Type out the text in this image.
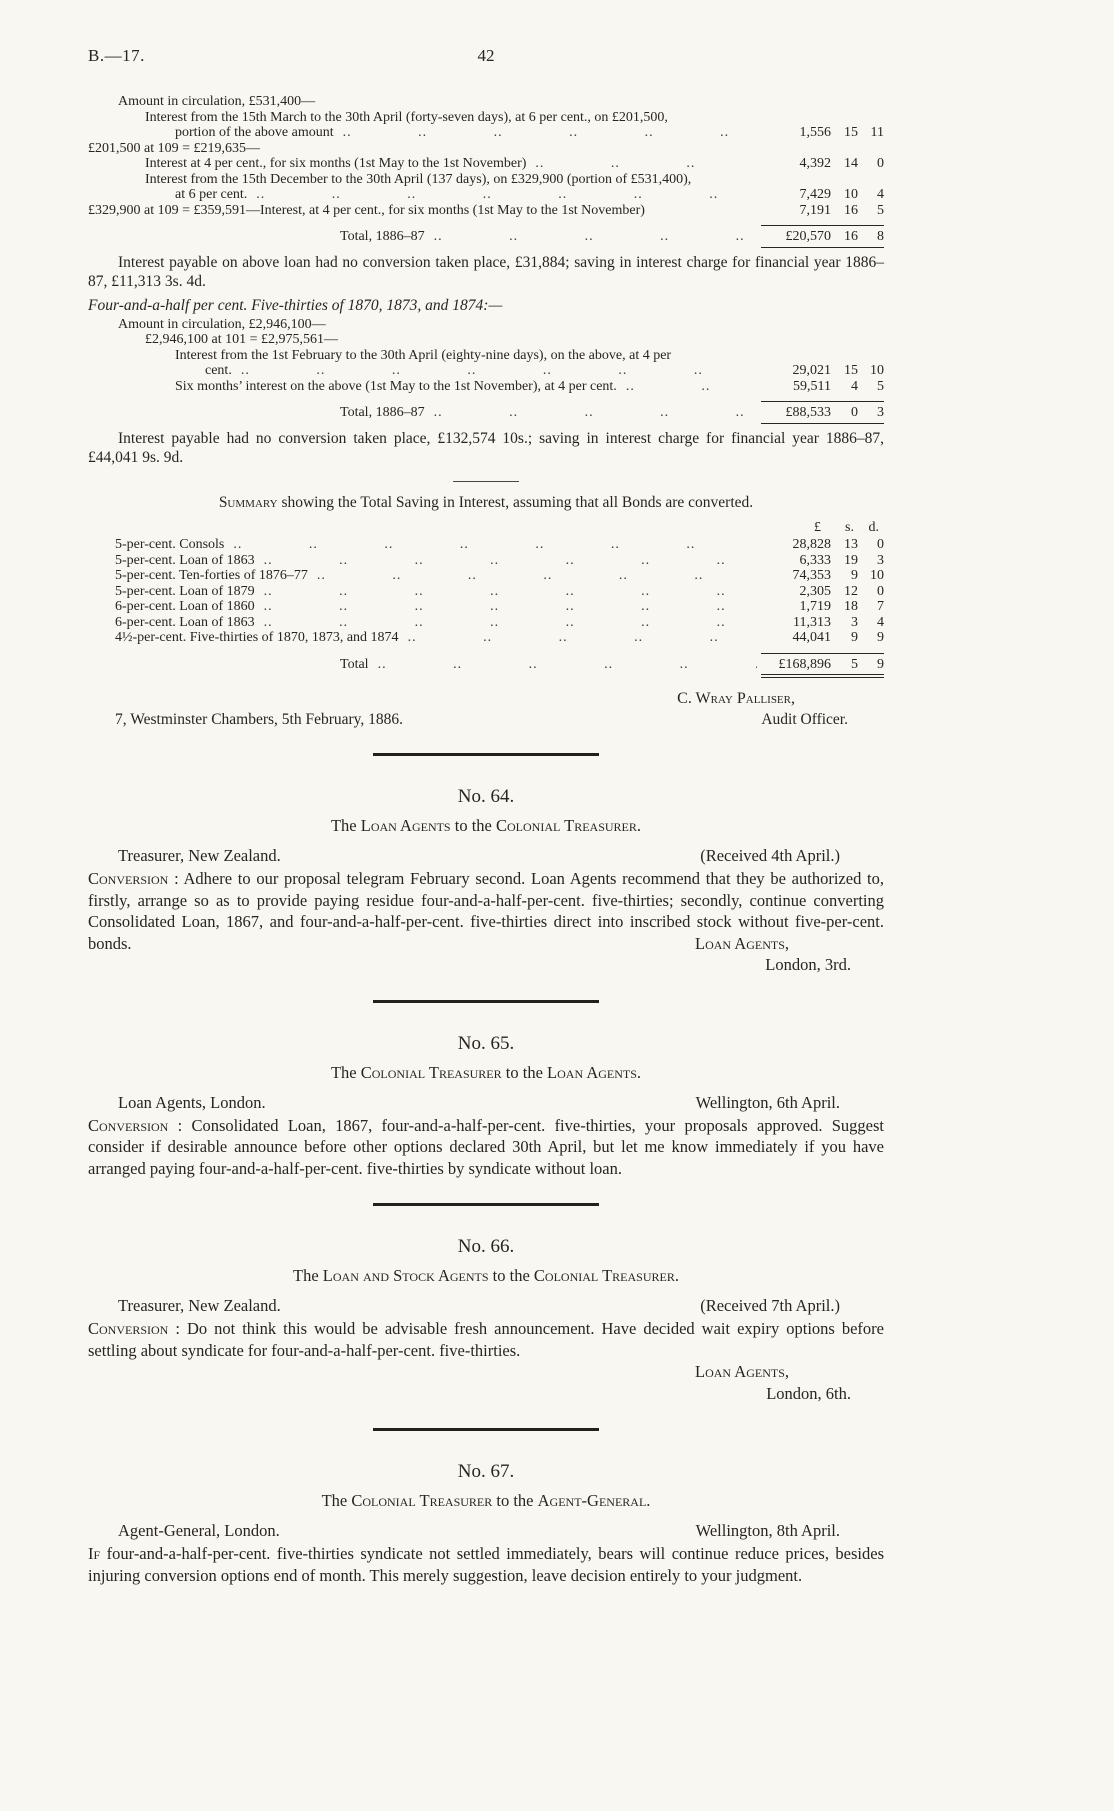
B.—17.	42
Amount in circulation, £531,400—
Interest from the 15th March to the 30th April (forty-seven days), at 6 per cent., on £201,500,
portion of the above amount .. ..	1,556 15 11
£201,500 at 109 = £219,635—
Interest at 4 per cent., for six months (1st May to the 1st November) .. ..	4,392 14	0
Interest from the 15th December to the 30th April (137 days), on £329,900 (portion of £531,400),
at 6 per cent. .. ..	7,429 10	4
£329,900 at 109 = £359,591—Interest, at 4 per cent., for six months (1st May to the 1st November)	7,191 16	5
Total, 1886–87 .. ..	£20,570 16	8

Interest payable on above loan had no conversion taken place, £31,884; saving in interest charge for financial year 1886–87, £11,313 3s. 4d.

Four-and-a-half per cent. Five-thirties of 1870, 1873, and 1874:—

Amount in circulation, £2,946,100—
£2,946,100 at 101 = £2,975,561—
Interest from the 1st February to the 30th April (eighty-nine days), on the above, at 4 per
cent. .. ..	29,021 15 10
Six months’ interest on the above (1st May to the 1st November), at 4 per cent. .. ..	59,511	4	5
Total, 1886–87 .. ..	£88,533	0	3

Interest payable had no conversion taken place, £132,574 10s.; saving in interest charge for financial year 1886–87, £44,041 9s. 9d.

Summary showing the Total Saving in Interest, assuming that all Bonds are converted.

£	s.	d.
5-per-cent. Consols .. ..	28,828 13	0
5-per-cent. Loan of 1863 .. ..	6,333 19	3
5-per-cent. Ten-forties of 1876–77 .. ..	74,353	9 10
5-per-cent. Loan of 1879 .. ..	2,305 12	0
6-per-cent. Loan of 1860 .. ..	1,719 18	7
6-per-cent. Loan of 1863 .. ..	11,313	3	4
4½-per-cent. Five-thirties of 1870, 1873, and 1874 .. ..	44,041	9	9
Total .. ..	£168,896	5	9
C. Wray Palliser,
7, Westminster Chambers, 5th February, 1886.	Audit Officer.
No. 64.
The Loan Agents to the Colonial Treasurer.
Treasurer, New Zealand.	(Received 4th April.)

Conversion : Adhere to our proposal telegram February second. Loan Agents recommend that they be authorized to, firstly, arrange so as to provide paying residue four-and-a-half-per-cent. five-thirties; secondly, continue converting Consolidated Loan, 1867, and four-and-a-half-per-cent. five-thirties direct into inscribed stock without five-per-cent. bonds.	Loan Agents,

London, 3rd.
No. 65.
The Colonial Treasurer to the Loan Agents.
Loan Agents, London.	Wellington, 6th April.

Conversion : Consolidated Loan, 1867, four-and-a-half-per-cent. five-thirties, your proposals approved. Suggest consider if desirable announce before other options declared 30th April, but let me know immediately if you have arranged paying four-and-a-half-per-cent. five-thirties by syndicate without loan.

No. 66.
The Loan and Stock Agents to the Colonial Treasurer.
Treasurer, New Zealand.	(Received 7th April.)

Conversion : Do not think this would be advisable fresh announcement. Have decided wait expiry options before settling about syndicate for four-and-a-half-per-cent. five-thirties.

Loan Agents,
London, 6th.
No. 67.
The Colonial Treasurer to the Agent-General.
Agent-General, London.	Wellington, 8th April.

If four-and-a-half-per-cent. five-thirties syndicate not settled immediately, bears will continue reduce prices, besides injuring conversion options end of month. This merely suggestion, leave decision entirely to your judgment.
